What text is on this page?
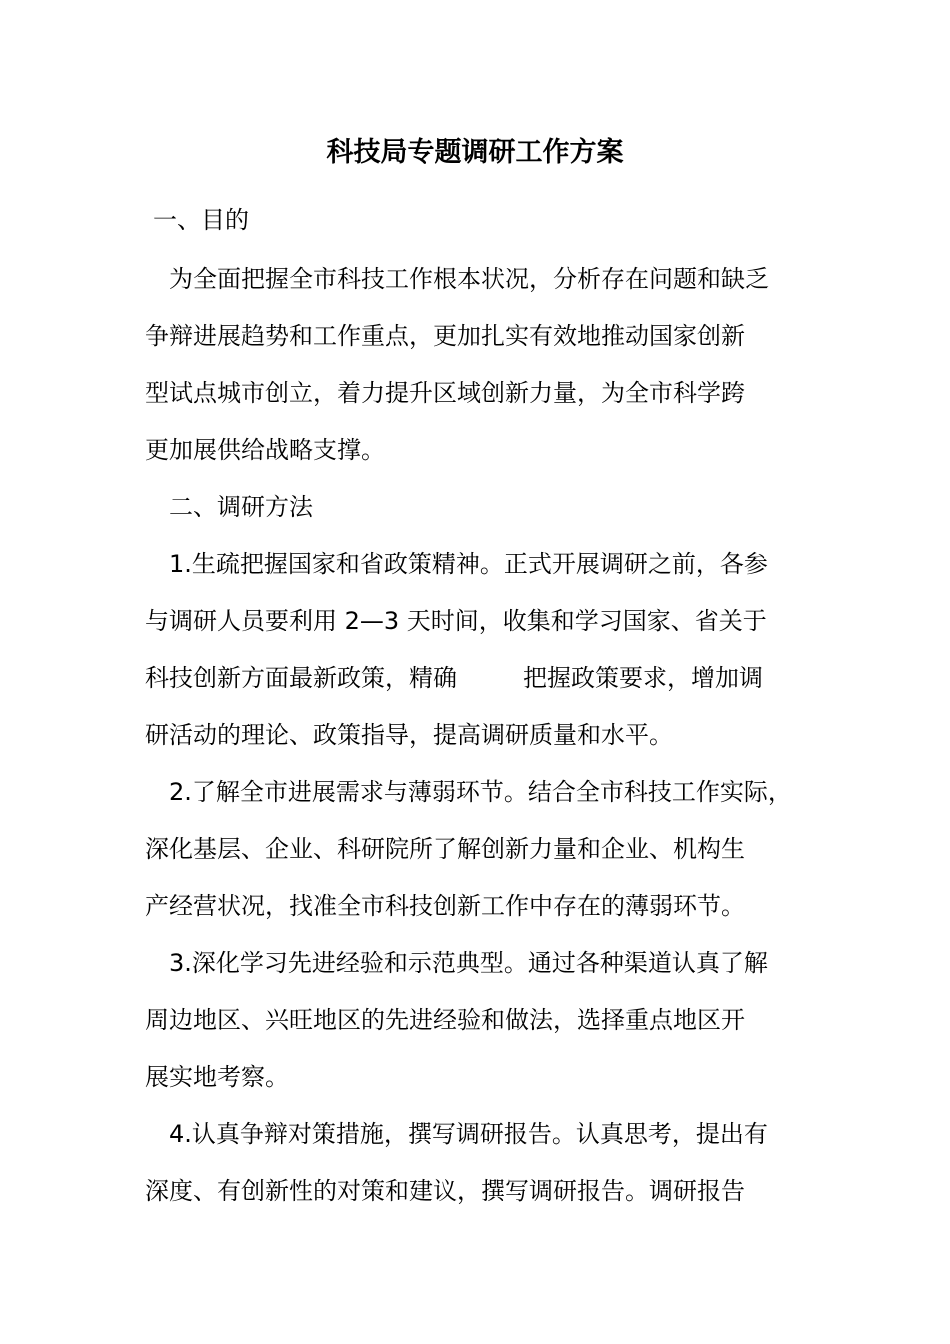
科技局专题调研工作方案

一、目的

为全面把握全市科技工作根本状况，分析存在问题和缺乏

争辩进展趋势和工作重点，更加扎实有效地推动国家创新

型试点城市创立，着力提升区域创新力量，为全市科学跨

更加展供给战略支撑。

二、调研方法

1.生疏把握国家和省政策精神。正式开展调研之前，各参

与调研人员要利用 2—3 天时间，收集和学习国家、省关于

科技创新方面最新政策，精确	把握政策要求，增加调

研活动的理论、政策指导，提高调研质量和水平。

2.了解全市进展需求与薄弱环节。结合全市科技工作实际，

深化基层、企业、科研院所了解创新力量和企业、机构生

产经营状况，找准全市科技创新工作中存在的薄弱环节。

3.深化学习先进经验和示范典型。通过各种渠道认真了解

周边地区、兴旺地区的先进经验和做法，选择重点地区开

展实地考察。

4.认真争辩对策措施，撰写调研报告。认真思考，提出有

深度、有创新性的对策和建议，撰写调研报告。调研报告
